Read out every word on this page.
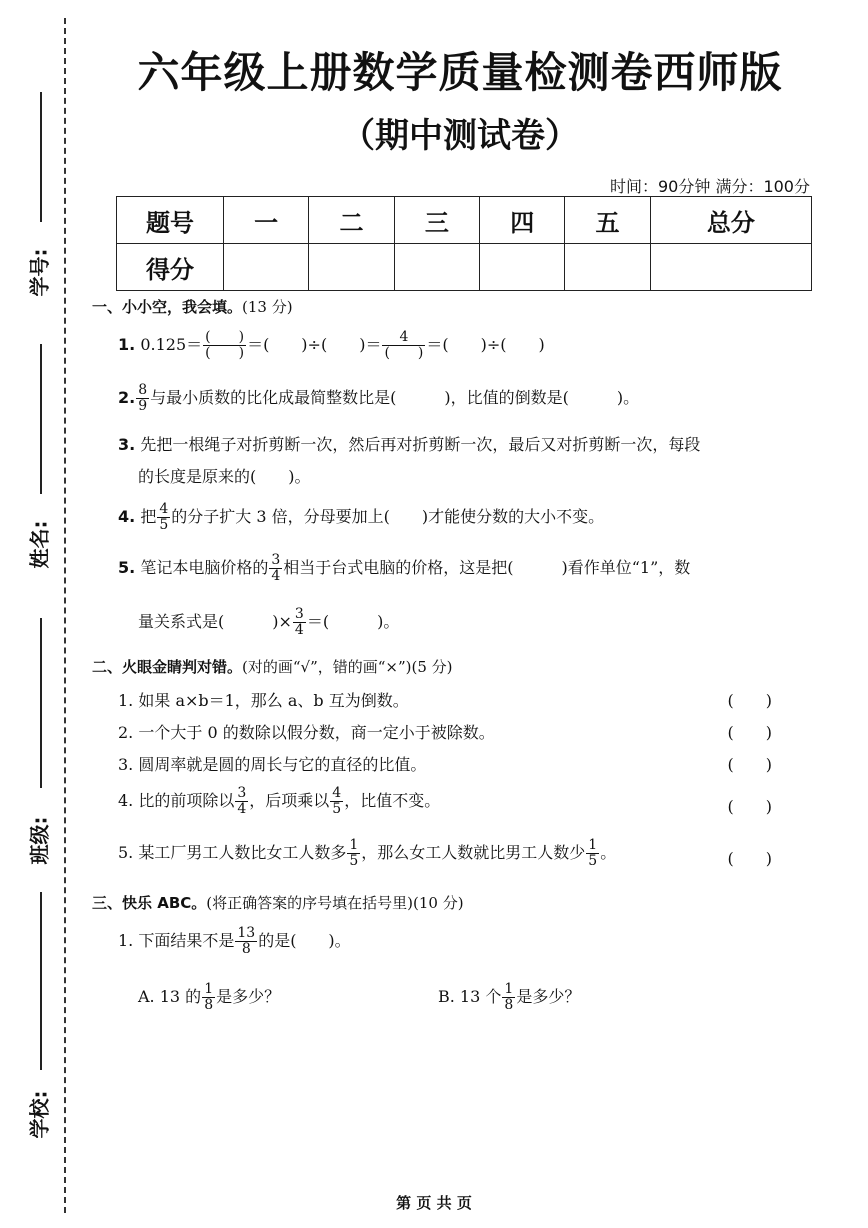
学号:
姓名:
班级:
学校:
六年级上册数学质量检测卷西师版
（期中测试卷）
时间：90分钟 满分：100分
题号	一	二	三	四	五	总分
得分						
一、小小空，我会填。(13 分)
1. $0.125= \frac{( )}{( )}$ ＝(　　)÷(　　)＝ $\frac{4}{( )}$ ＝(　　)÷(　　)
2. $\frac{8}{9}$ 与最小质数的比化成最简整数比是(　　　)，比值的倒数是(　　　)。
3. 先把一根绳子对折剪断一次，然后再对折剪断一次，最后又对折剪断一次，每段
的长度是原来的(　　)。
4. 把 $\frac{4}{5}$ 的分子扩大 3 倍，分母要加上(　　)才能使分数的大小不变。
5. 笔记本电脑价格的 $\frac{3}{4}$ 相当于台式电脑的价格，这是把(　　　)看作单位“1”，数
量关系式是(　　　)× $\frac{3}{4}$ ＝(　　　)。
二、火眼金睛判对错。(对的画“√”，错的画“×”)(5 分)
1. 如果 a×b＝1，那么 a、b 互为倒数。	(　　)
2. 一个大于 0 的数除以假分数，商一定小于被除数。	(　　)
3. 圆周率就是圆的周长与它的直径的比值。	(　　)
4. 比的前项除以 $\frac{3}{4}$ ，后项乘以 $\frac{4}{5}$ ，比值不变。	(　　)
5. 某工厂男工人数比女工人数多 $\frac{1}{5}$ ，那么女工人数就比男工人数少 $\frac{1}{5}$ 。	(　　)
三、快乐 ABC。(将正确答案的序号填在括号里)(10 分)
1. 下面结果不是 $\frac{13}{8}$ 的是(　　)。
A. 13 的 $\frac{1}{8}$ 是多少？	B. 13 个 $\frac{1}{8}$ 是多少？
第 页 共 页
